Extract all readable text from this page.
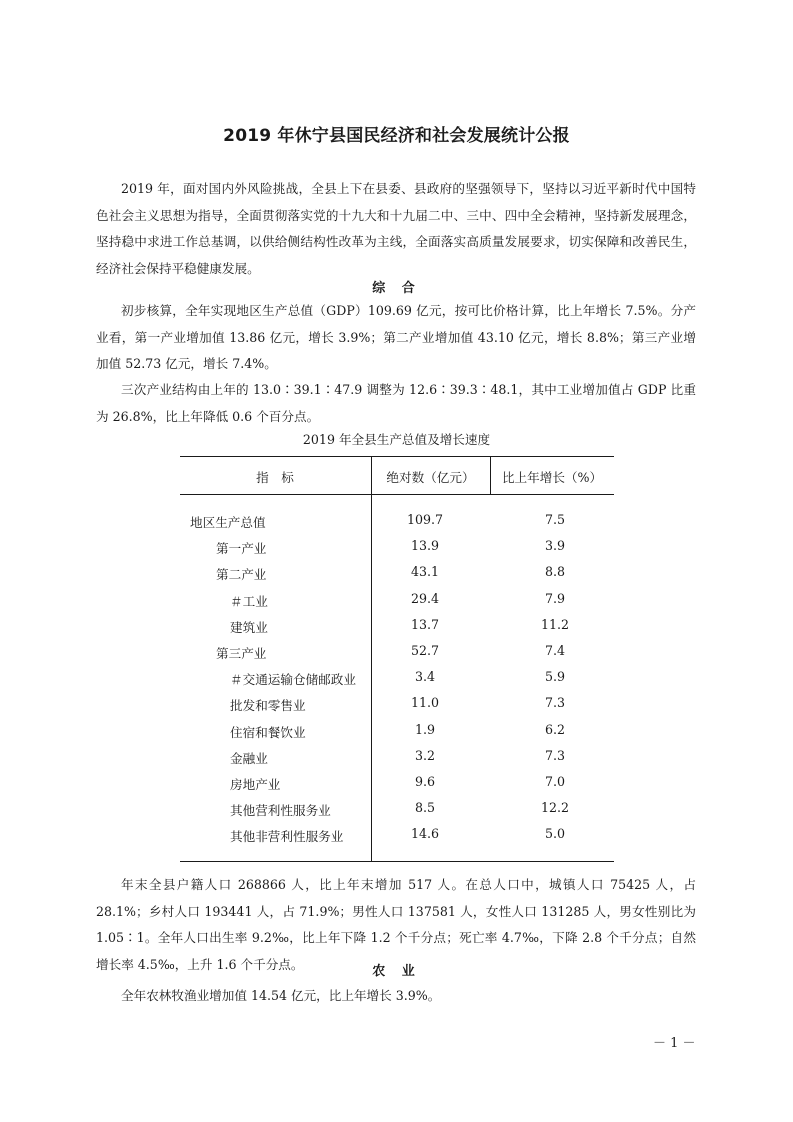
2019 年休宁县国民经济和社会发展统计公报

2019 年，面对国内外风险挑战，全县上下在县委、县政府的坚强领导下，坚持以习近平新时代中国特色社会主义思想为指导，全面贯彻落实党的十九大和十九届二中、三中、四中全会精神，坚持新发展理念，坚持稳中求进工作总基调，以供给侧结构性改革为主线，全面落实高质量发展要求，切实保障和改善民生，经济社会保持平稳健康发展。

综 合

初步核算，全年实现地区生产总值（GDP）109.69 亿元，按可比价格计算，比上年增长 7.5%。分产业看，第一产业增加值 13.86 亿元，增长 3.9%；第二产业增加值 43.10 亿元，增长 8.8%；第三产业增加值 52.73 亿元，增长 7.4%。

三次产业结构由上年的 13.0∶39.1∶47.9 调整为 12.6∶39.3∶48.1，其中工业增加值占 GDP 比重为 26.8%，比上年降低 0.6 个百分点。

2019 年全县生产总值及增长速度
指　标	绝对数（亿元）	比上年增长（%）
地区生产总值	109.7	7.5
第一产业	13.9	3.9
第二产业	43.1	8.8
＃工业	29.4	7.9
建筑业	13.7	11.2
第三产业	52.7	7.4
＃交通运输仓储邮政业	3.4	5.9
批发和零售业	11.0	7.3
住宿和餐饮业	1.9	6.2
金融业	3.2	7.3
房地产业	9.6	7.0
其他营利性服务业	8.5	12.2
其他非营利性服务业	14.6	5.0

年末全县户籍人口 268866 人，比上年末增加 517 人。在总人口中，城镇人口 75425 人，占 28.1%；乡村人口 193441 人，占 71.9%；男性人口 137581 人，女性人口 131285 人，男女性别比为 1.05∶1。全年人口出生率 9.2‰，比上年下降 1.2 个千分点；死亡率 4.7‰，下降 2.8 个千分点；自然增长率 4.5‰，上升 1.6 个千分点。	农 业

全年农林牧渔业增加值 14.54 亿元，比上年增长 3.9%。

－ 1 －
